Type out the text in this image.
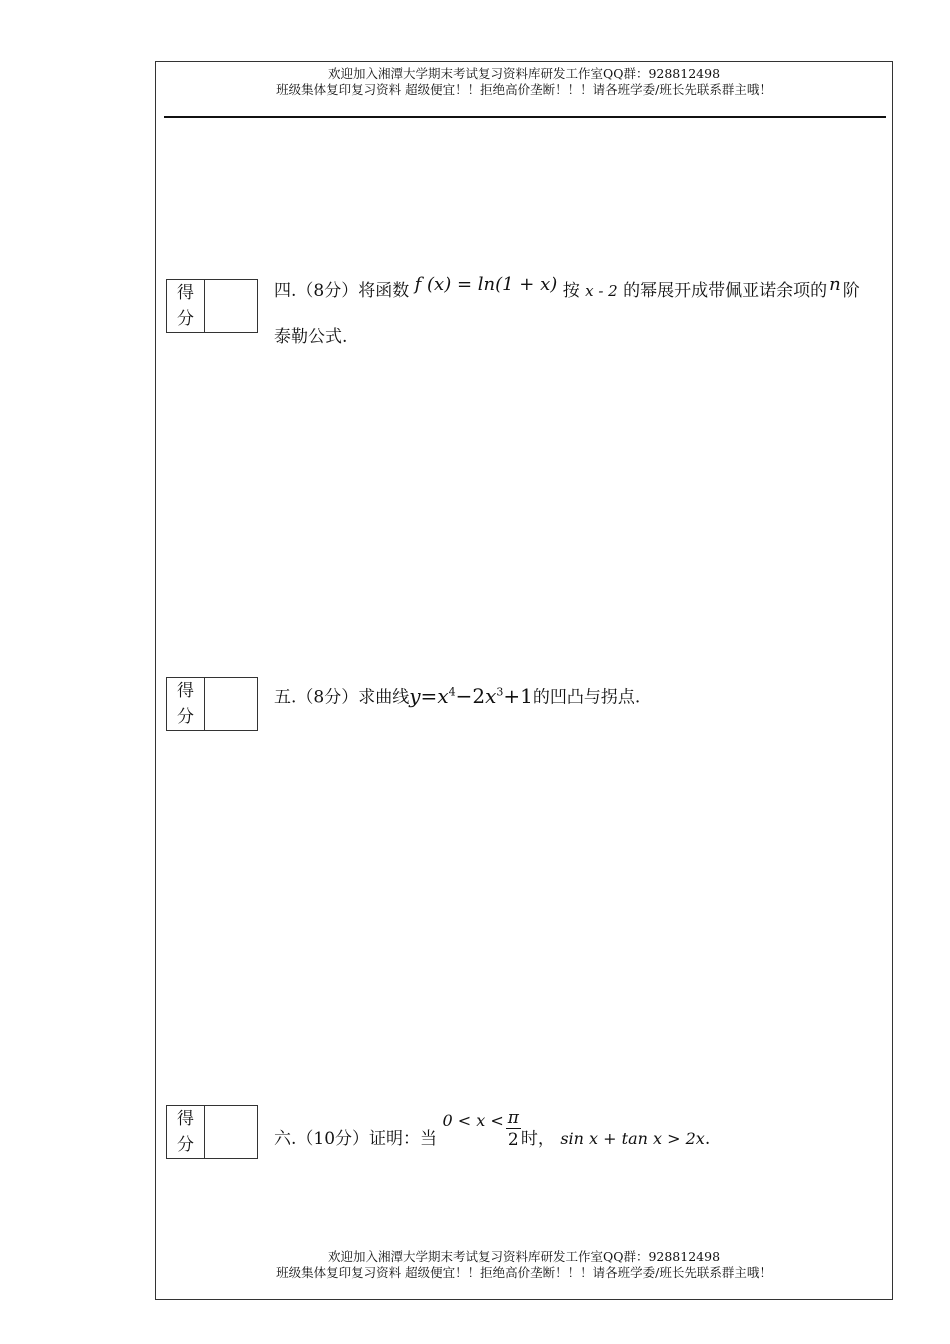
欢迎加入湘潭大学期末考试复习资料库研发工作室QQ群：928812498
班级集体复印复习资料 超级便宜！！拒绝高价垄断！！！请各班学委/班长先联系群主哦！
得
分
四.（8分）将函数 f (x) = ln(1 + x) 按 x - 2 的幂展开成带佩亚诺余项的 n 阶
泰勒公式.
得
分
五.（8分）求曲线$y=x^4-2x^3+1$的凹凸与拐点.
得
分	六.（10分）证明：当 $0 < x < \frac{\pi}{2}$ 时， sin x + tan x > 2x.
欢迎加入湘潭大学期末考试复习资料库研发工作室QQ群：928812498
班级集体复印复习资料 超级便宜！！拒绝高价垄断！！！请各班学委/班长先联系群主哦！
